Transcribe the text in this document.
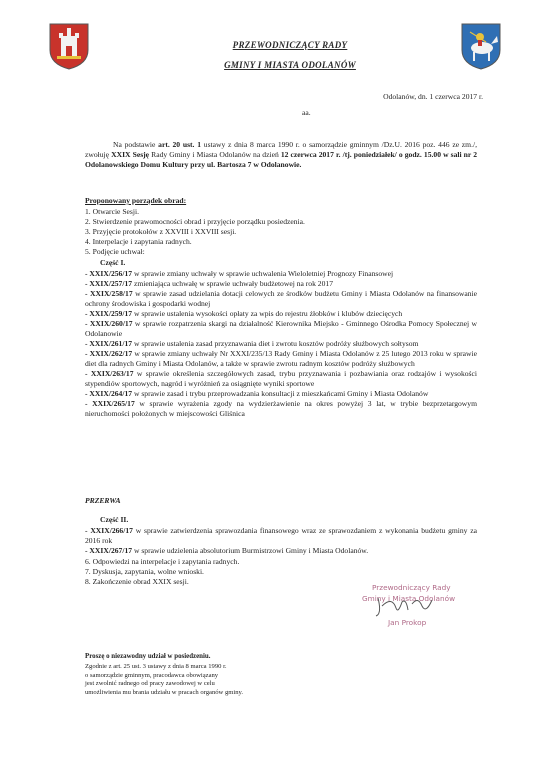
PRZEWODNICZĄCY RADY
GMINY I MIASTA ODOLANÓW
Odolanów, dn. 1 czerwca 2017 r.
aa.
Na podstawie art. 20 ust. 1 ustawy z dnia 8 marca 1990 r. o samorządzie gminnym /Dz.U. 2016 poz. 446 ze zm./, zwołuję XXIX Sesję Rady Gminy i Miasta Odolanów na dzień 12 czerwca 2017 r. /tj. poniedziałek/ o godz. 15.00 w sali nr 2 Odolanowskiego Domu Kultury przy ul. Bartosza 7 w Odolanowie.
Proponowany porządek obrad:
1. Otwarcie Sesji.
2. Stwierdzenie prawomocności obrad i przyjęcie porządku posiedzenia.
3. Przyjęcie protokołów z XXVIII i XXVIII sesji.
4. Interpelacje i zapytania radnych.
5. Podjęcie uchwał:
Część I.
- XXIX/256/17 w sprawie zmiany uchwały w sprawie uchwalenia Wieloletniej Prognozy Finansowej
- XXIX/257/17 zmieniająca uchwałę w sprawie uchwały budżetowej na rok 2017
- XXIX/258/17 w sprawie zasad udzielania dotacji celowych ze środków budżetu Gminy i Miasta Odolanów na finansowanie ochrony środowiska i gospodarki wodnej
- XXIX/259/17 w sprawie ustalenia wysokości opłaty za wpis do rejestru żłobków i klubów dziecięcych
- XXIX/260/17 w sprawie rozpatrzenia skargi na działalność Kierownika Miejsko - Gminnego Ośrodka Pomocy Społecznej w Odolanowie
- XXIX/261/17 w sprawie ustalenia zasad przyznawania diet i zwrotu kosztów podróży służbowych sołtysom
- XXIX/262/17 w sprawie zmiany uchwały Nr XXXI/235/13 Rady Gminy i Miasta Odolanów z 25 lutego 2013 roku w sprawie diet dla radnych Gminy i Miasta Odolanów, a także w sprawie zwrotu radnym kosztów podróży służbowych
- XXIX/263/17 w sprawie określenia szczegółowych zasad, trybu przyznawania i pozbawiania oraz rodzajów i wysokości stypendiów sportowych, nagród i wyróżnień za osiągnięte wyniki sportowe
- XXIX/264/17 w sprawie zasad i trybu przeprowadzania konsultacji z mieszkańcami Gminy i Miasta Odolanów
- XXIX/265/17 w sprawie wyrażenia zgody na wydzierżawienie na okres powyżej 3 lat, w trybie bezprzetargowym nieruchomości położonych w miejscowości Gliśnica
PRZERWA
Część II.
- XXIX/266/17 w sprawie zatwierdzenia sprawozdania finansowego wraz ze sprawozdaniem z wykonania budżetu gminy za 2016 rok
- XXIX/267/17 w sprawie udzielenia absolutorium Burmistrzowi Gminy i Miasta Odolanów.
6. Odpowiedzi na interpelacje i zapytania radnych.
7. Dyskusja, zapytania, wolne wnioski.
8. Zakończenie obrad XXIX sesji.
Przewodniczący Rady
Gminy i Miasta Odolanów
Jan Prokop
Proszę o niezawodny udział w posiedzeniu.
Zgodnie z art. 25 ust. 3 ustawy z dnia 8 marca 1990 r.
o samorządzie gminnym, pracodawca obowiązany
jest zwolnić radnego od pracy zawodowej w celu
umożliwienia mu brania udziału w pracach organów gminy.
